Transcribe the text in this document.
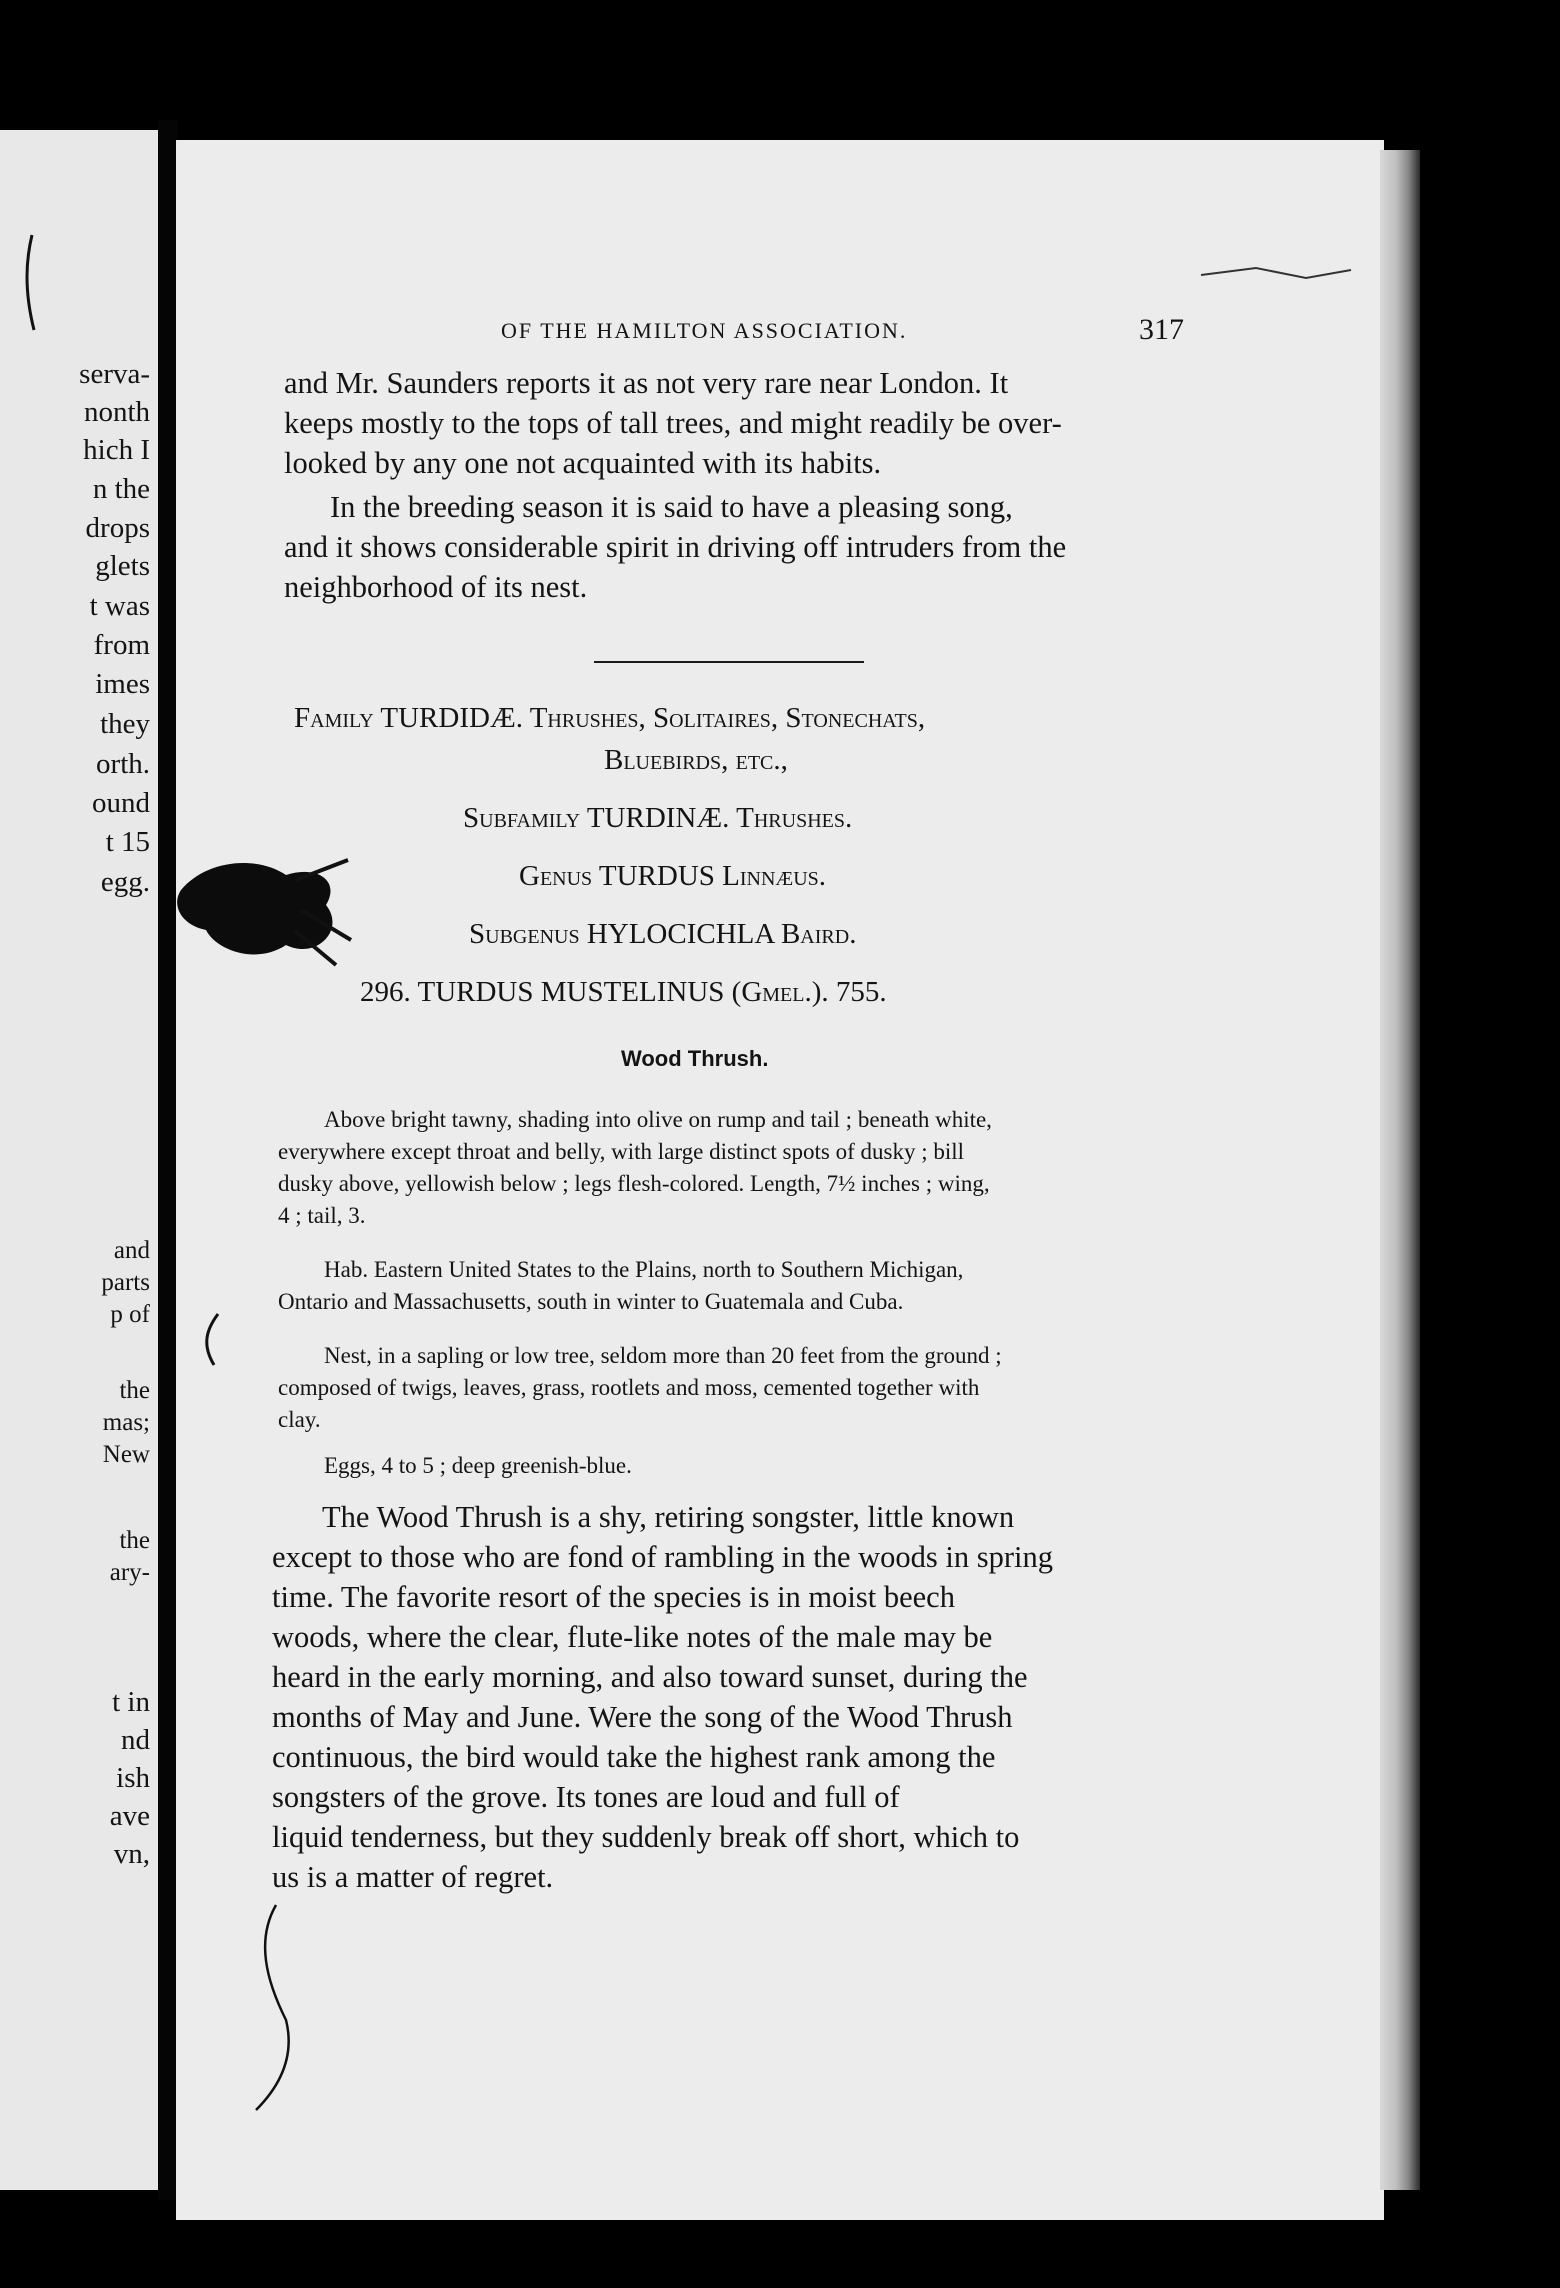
serva-
nonth
hich I
n the
drops
glets
t was
from
imes
they
orth.
ound
t 15
egg.
and
parts
p of
the
mas;
New
the
ary-
t in
nd
ish
ave
vn,
OF THE HAMILTON ASSOCIATION.	317
and Mr. Saunders reports it as not very rare near London. It
keeps mostly to the tops of tall trees, and might readily be over-
looked by any one not acquainted with its habits.
In the breeding season it is said to have a pleasing song,
and it shows considerable spirit in driving off intruders from the
neighborhood of its nest.
Family TURDIDÆ. Thrushes, Solitaires, Stonechats,
Bluebirds, etc.,
Subfamily TURDINÆ. Thrushes.
Genus TURDUS Linnæus.
Subgenus HYLOCICHLA Baird.
296. TURDUS MUSTELINUS (Gmel.). 755.
Wood Thrush.
Above bright tawny, shading into olive on rump and tail ; beneath white,
everywhere except throat and belly, with large distinct spots of dusky ; bill
dusky above, yellowish below ; legs flesh-colored. Length, 7½ inches ; wing,
4 ; tail, 3.
Hab. Eastern United States to the Plains, north to Southern Michigan,
Ontario and Massachusetts, south in winter to Guatemala and Cuba.
Nest, in a sapling or low tree, seldom more than 20 feet from the ground ;
composed of twigs, leaves, grass, rootlets and moss, cemented together with
clay.
Eggs, 4 to 5 ; deep greenish-blue.
The Wood Thrush is a shy, retiring songster, little known
except to those who are fond of rambling in the woods in spring
time. The favorite resort of the species is in moist beech
woods, where the clear, flute-like notes of the male may be
heard in the early morning, and also toward sunset, during the
months of May and June. Were the song of the Wood Thrush
continuous, the bird would take the highest rank among the
songsters of the grove. Its tones are loud and full of
liquid tenderness, but they suddenly break off short, which to
us is a matter of regret.
